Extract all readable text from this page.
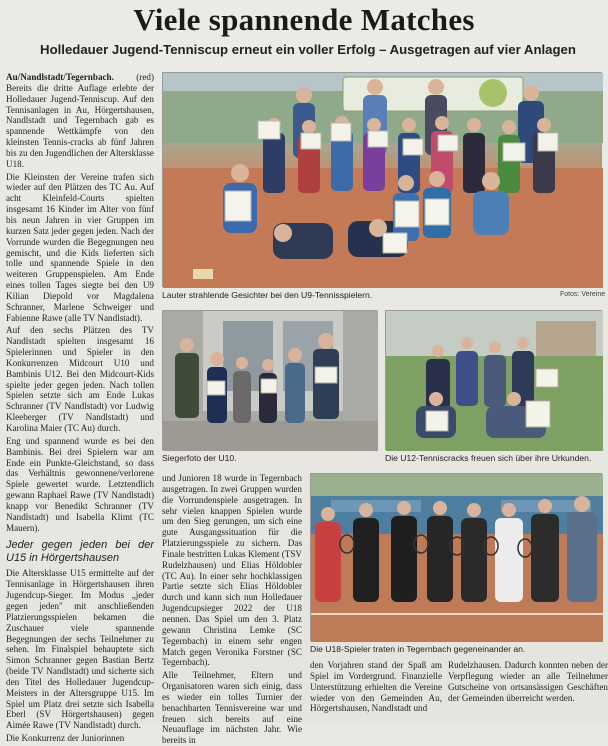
Viele spannende Matches
Holledauer Jugend-Tenniscup erneut ein voller Erfolg – Ausgetragen auf vier Anlagen

Au/Nandlstadt/Tegernbach. (red) Bereits die dritte Auflage erlebte der Holledauer Jugend-Tenniscup. Auf den Tennisanlagen in Au, Hörgertshausen, Nandlstadt und Tegernbach gab es spannende Wettkämpfe von den kleinsten Tennis-cracks ab fünf Jahren bis zu den Jugendlichen der Altersklasse U18.

Die Kleinsten der Vereine trafen sich wieder auf den Plätzen des TC Au. Auf acht Kleinfeld-Courts spielten insgesamt 16 Kinder im Alter von fünf bis neun Jahren in vier Gruppen im kurzen Satz jeder gegen jeden. Nach der Vorrunde wurden die Begegnungen neu gemischt, und die Kids lieferten sich tolle und spannende Spiele in den weiteren Gruppenspielen. Am Ende eines tollen Tages siegte bei den U9 Kilian Diepold vor Magdalena Schranner, Marlene Schweiger und Fabienne Rawe (alle TV Nandlstadt).

Auf den sechs Plätzen des TV Nandlstadt spielten insgesamt 16 Spielerinnen und Spieler in den Konkurrenzen Midcourt U10 und Bambinis U12. Bei den Midcourt-Kids spielte jeder gegen jeden. Nach tollen Spielen setzte sich am Ende Lukas Schranner (TV Nandlstadt) vor Ludwig Kleeberger (TV Nandlstadt) und Karolina Maier (TC Au) durch.

Eng und spannend wurde es bei den Bambinis. Bei drei Spielern war am Ende ein Punkte-Gleichstand, so dass das Verhältnis gewonnene/verlorene Spiele gewertet wurde. Letztendlich gewann Raphael Rawe (TV Nandlstadt) knapp vor Benedikt Schranner (TV Nandlstadt) und Isabella Klimt (TC Mauern).

Jeder gegen jeden bei der U15 in Hörgertshausen

Die Altersklasse U15 ermittelte auf der Tennisanlage in Hörgertshausen ihren Jugendcup-Sieger. Im Modus „jeder gegen jeden" mit anschließenden Platzierungsspielen bekamen die Zuschauer viele spannende Begegnungen der sechs Teilnehmer zu sehen. Im Finalspiel behauptete sich Simon Schranner gegen Bastian Bertz (beide TV Nandlstadt) und sicherte sich den Titel des Holledauer Jugendcup-Meisters in der Altersgruppe U15. Im Spiel um Platz drei setzte sich Isabella Eberl (SV Hörgertshausen) gegen Aimée Rawe (TV Nandlstadt) durch.

Die Konkurrenz der Juniorinnen

Lauter strahlende Gesichter bei den U9-Tennisspielern.	Fotos: Vereine
Siegerfoto der U10.	Die U12-Tenniscracks freuen sich über ihre Urkunden.

und Junioren 18 wurde in Tegernbach ausgetragen. In zwei Gruppen wurden die Vorrundenspiele ausgetragen. In sehr vielen knappen Spielen wurde um den Sieg gerungen, um sich eine gute Ausgangssituation für die Platzierungsspiele zu sichern. Das Finale bestritten Lukas Klement (TSV Rudelzhausen) und Elias Höldobler (TC Au). In einer sehr hochklassigen Partie setzte sich Elias Höldobler durch und kann sich nun Holledauer Jugendcupsieger 2022 der U18 nennen. Das Spiel um den 3. Platz gewann Christina Lemke (SC Tegernbach) in einem sehr engen Match gegen Veronika Forstner (SC Tegernbach).

Alle Teilnehmer, Eltern und Organisatoren waren sich einig, dass es wieder ein tolles Turnier der benachbarten Tennisvereine war und freuen sich bereits auf eine Neuauflage im nächsten Jahr. Wie bereits in

Die U18-Spieler traten in Tegernbach gegeneinander an.
den Vorjahren stand der Spaß am Spiel im Vordergrund. Finanzielle Unterstützung erhielten die Vereine wieder von den Gemeinden Au, Hörgertshausen, Nandlstadt und
Rudelzhausen. Dadurch konnten neben der Verpflegung wieder an alle Teilnehmer Gutscheine von ortsansässigen Geschäften der Gemeinden überreicht werden.
